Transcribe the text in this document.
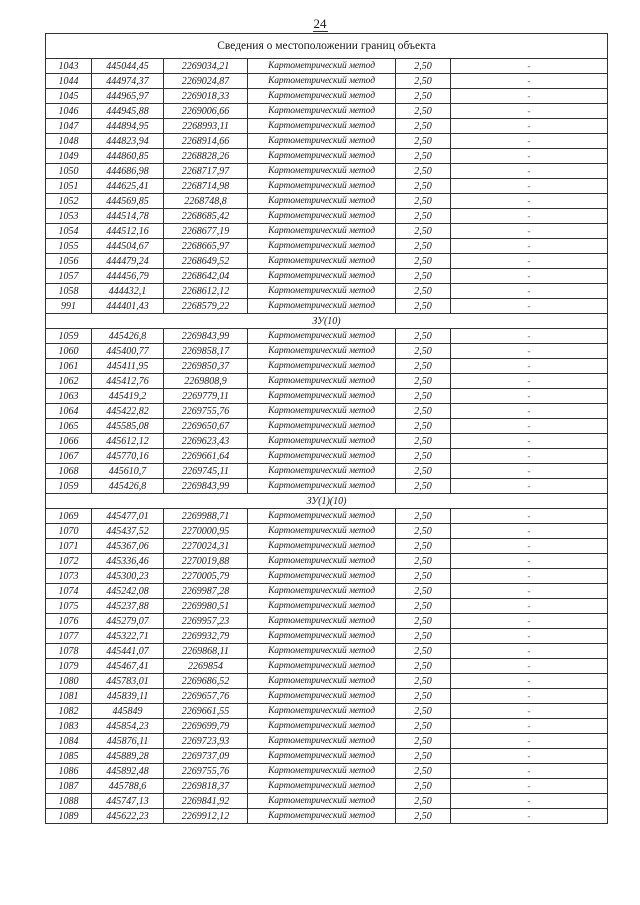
24
Сведения о местоположении границ объекта					
1043	445044,45	2269034,21	Картометрический метод	2,50	-
1044	444974,37	2269024,87	Картометрический метод	2,50	-
1045	444965,97	2269018,33	Картометрический метод	2,50	-
1046	444945,88	2269006,66	Картометрический метод	2,50	-
1047	444894,95	2268993,11	Картометрический метод	2,50	-
1048	444823,94	2268914,66	Картометрический метод	2,50	-
1049	444860,85	2268828,26	Картометрический метод	2,50	-
1050	444686,98	2268717,97	Картометрический метод	2,50	-
1051	444625,41	2268714,98	Картометрический метод	2,50	-
1052	444569,85	2268748,8	Картометрический метод	2,50	-
1053	444514,78	2268685,42	Картометрический метод	2,50	-
1054	444512,16	2268677,19	Картометрический метод	2,50	-
1055	444504,67	2268665,97	Картометрический метод	2,50	-
1056	444479,24	2268649,52	Картометрический метод	2,50	-
1057	444456,79	2268642,04	Картометрический метод	2,50	-
1058	444432,1	2268612,12	Картометрический метод	2,50	-
991	444401,43	2268579,22	Картометрический метод	2,50	-
ЗУ(10)					
1059	445426,8	2269843,99	Картометрический метод	2,50	-
1060	445400,77	2269858,17	Картометрический метод	2,50	-
1061	445411,95	2269850,37	Картометрический метод	2,50	-
1062	445412,76	2269808,9	Картометрический метод	2,50	-
1063	445419,2	2269779,11	Картометрический метод	2,50	-
1064	445422,82	2269755,76	Картометрический метод	2,50	-
1065	445585,08	2269650,67	Картометрический метод	2,50	-
1066	445612,12	2269623,43	Картометрический метод	2,50	-
1067	445770,16	2269661,64	Картометрический метод	2,50	-
1068	445610,7	2269745,11	Картометрический метод	2,50	-
1059	445426,8	2269843,99	Картометрический метод	2,50	-
ЗУ(1)(10)					
1069	445477,01	2269988,71	Картометрический метод	2,50	-
1070	445437,52	2270000,95	Картометрический метод	2,50	-
1071	445367,06	2270024,31	Картометрический метод	2,50	-
1072	445336,46	2270019,88	Картометрический метод	2,50	-
1073	445300,23	2270005,79	Картометрический метод	2,50	-
1074	445242,08	2269987,28	Картометрический метод	2,50	-
1075	445237,88	2269980,51	Картометрический метод	2,50	-
1076	445279,07	2269957,23	Картометрический метод	2,50	-
1077	445322,71	2269932,79	Картометрический метод	2,50	-
1078	445441,07	2269868,11	Картометрический метод	2,50	-
1079	445467,41	2269854	Картометрический метод	2,50	-
1080	445783,01	2269686,52	Картометрический метод	2,50	-
1081	445839,11	2269657,76	Картометрический метод	2,50	-
1082	445849	2269661,55	Картометрический метод	2,50	-
1083	445854,23	2269699,79	Картометрический метод	2,50	-
1084	445876,11	2269723,93	Картометрический метод	2,50	-
1085	445889,28	2269737,09	Картометрический метод	2,50	-
1086	445892,48	2269755,76	Картометрический метод	2,50	-
1087	445788,6	2269818,37	Картометрический метод	2,50	-
1088	445747,13	2269841,92	Картометрический метод	2,50	-
1089	445622,23	2269912,12	Картометрический метод	2,50	-
